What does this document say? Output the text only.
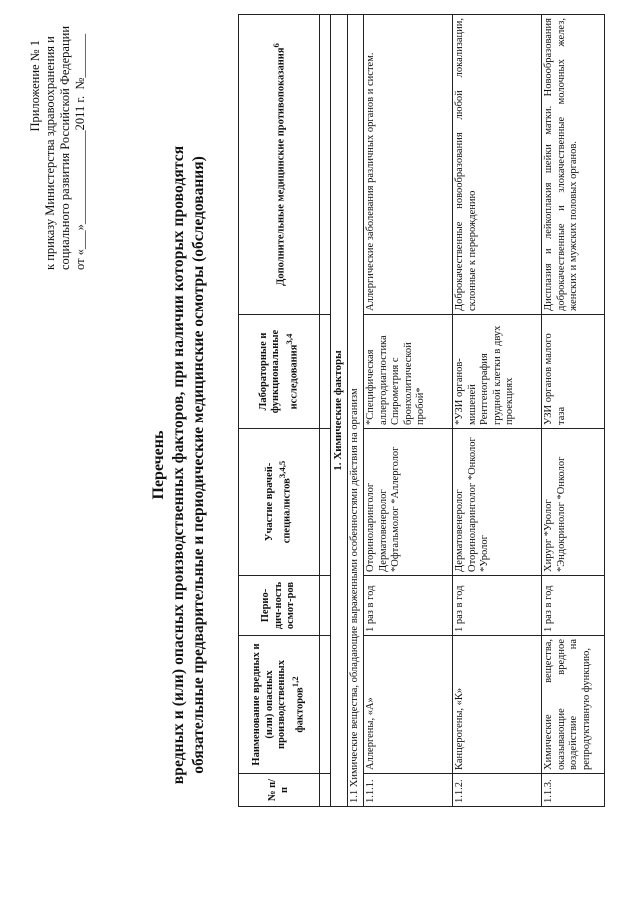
Приложение № 1 к приказу Министерства здравоохранения и социального развития Российской Федерации от «___»_______________2011 г.  №_______
Перечень вредных и (или) опасных производственных факторов, при наличии которых проводятся обязательные предварительные и периодические медицинские осмотры (обследования)
№ п/п	Наименование вредных и (или) опасных производственных факторов$^{1,2}$	Перио-дич-ность осмот-ров	Участие врачей-специалистов$^{3,4,5}$	Лабораторные и функциональные исследования$^{3,4}$	Дополнительные медицинские противопоказания$^6$

1. Химические факторы					
1.1 Химические вещества, обладающие выраженными особенностями действия на организм					
1.1.1.	Аллергены, «А»	1 раз в год	Оториноларинголог Дерматовенеролог *Офтальмолог *Аллерголог	*Специфическая аллергодиагностика Спирометрия с бронхолитической пробой*	Аллергические заболевания различных органов и систем.
1.1.2.	Канцерогены, «К»	1 раз в год	Дерматовенеролог Оториноларинголог *Онколог *Уролог	*УЗИ органов-мишеней Рентгенография грудной клетки в двух проекциях	Доброкачественные новообразования любой локализации, склонные к перерождению
1.1.3.	Химические вещества, оказывающие вредное воздействие на репродуктивную функцию,	1 раз в год	Хирург *Уролог *Эндокринолог *Онколог	УЗИ органов малого таза	Дисплазия и лейкоплакия шейки матки. Новообразования доброкачественные и злокачественные молочных желез, женских и мужских половых органов.
